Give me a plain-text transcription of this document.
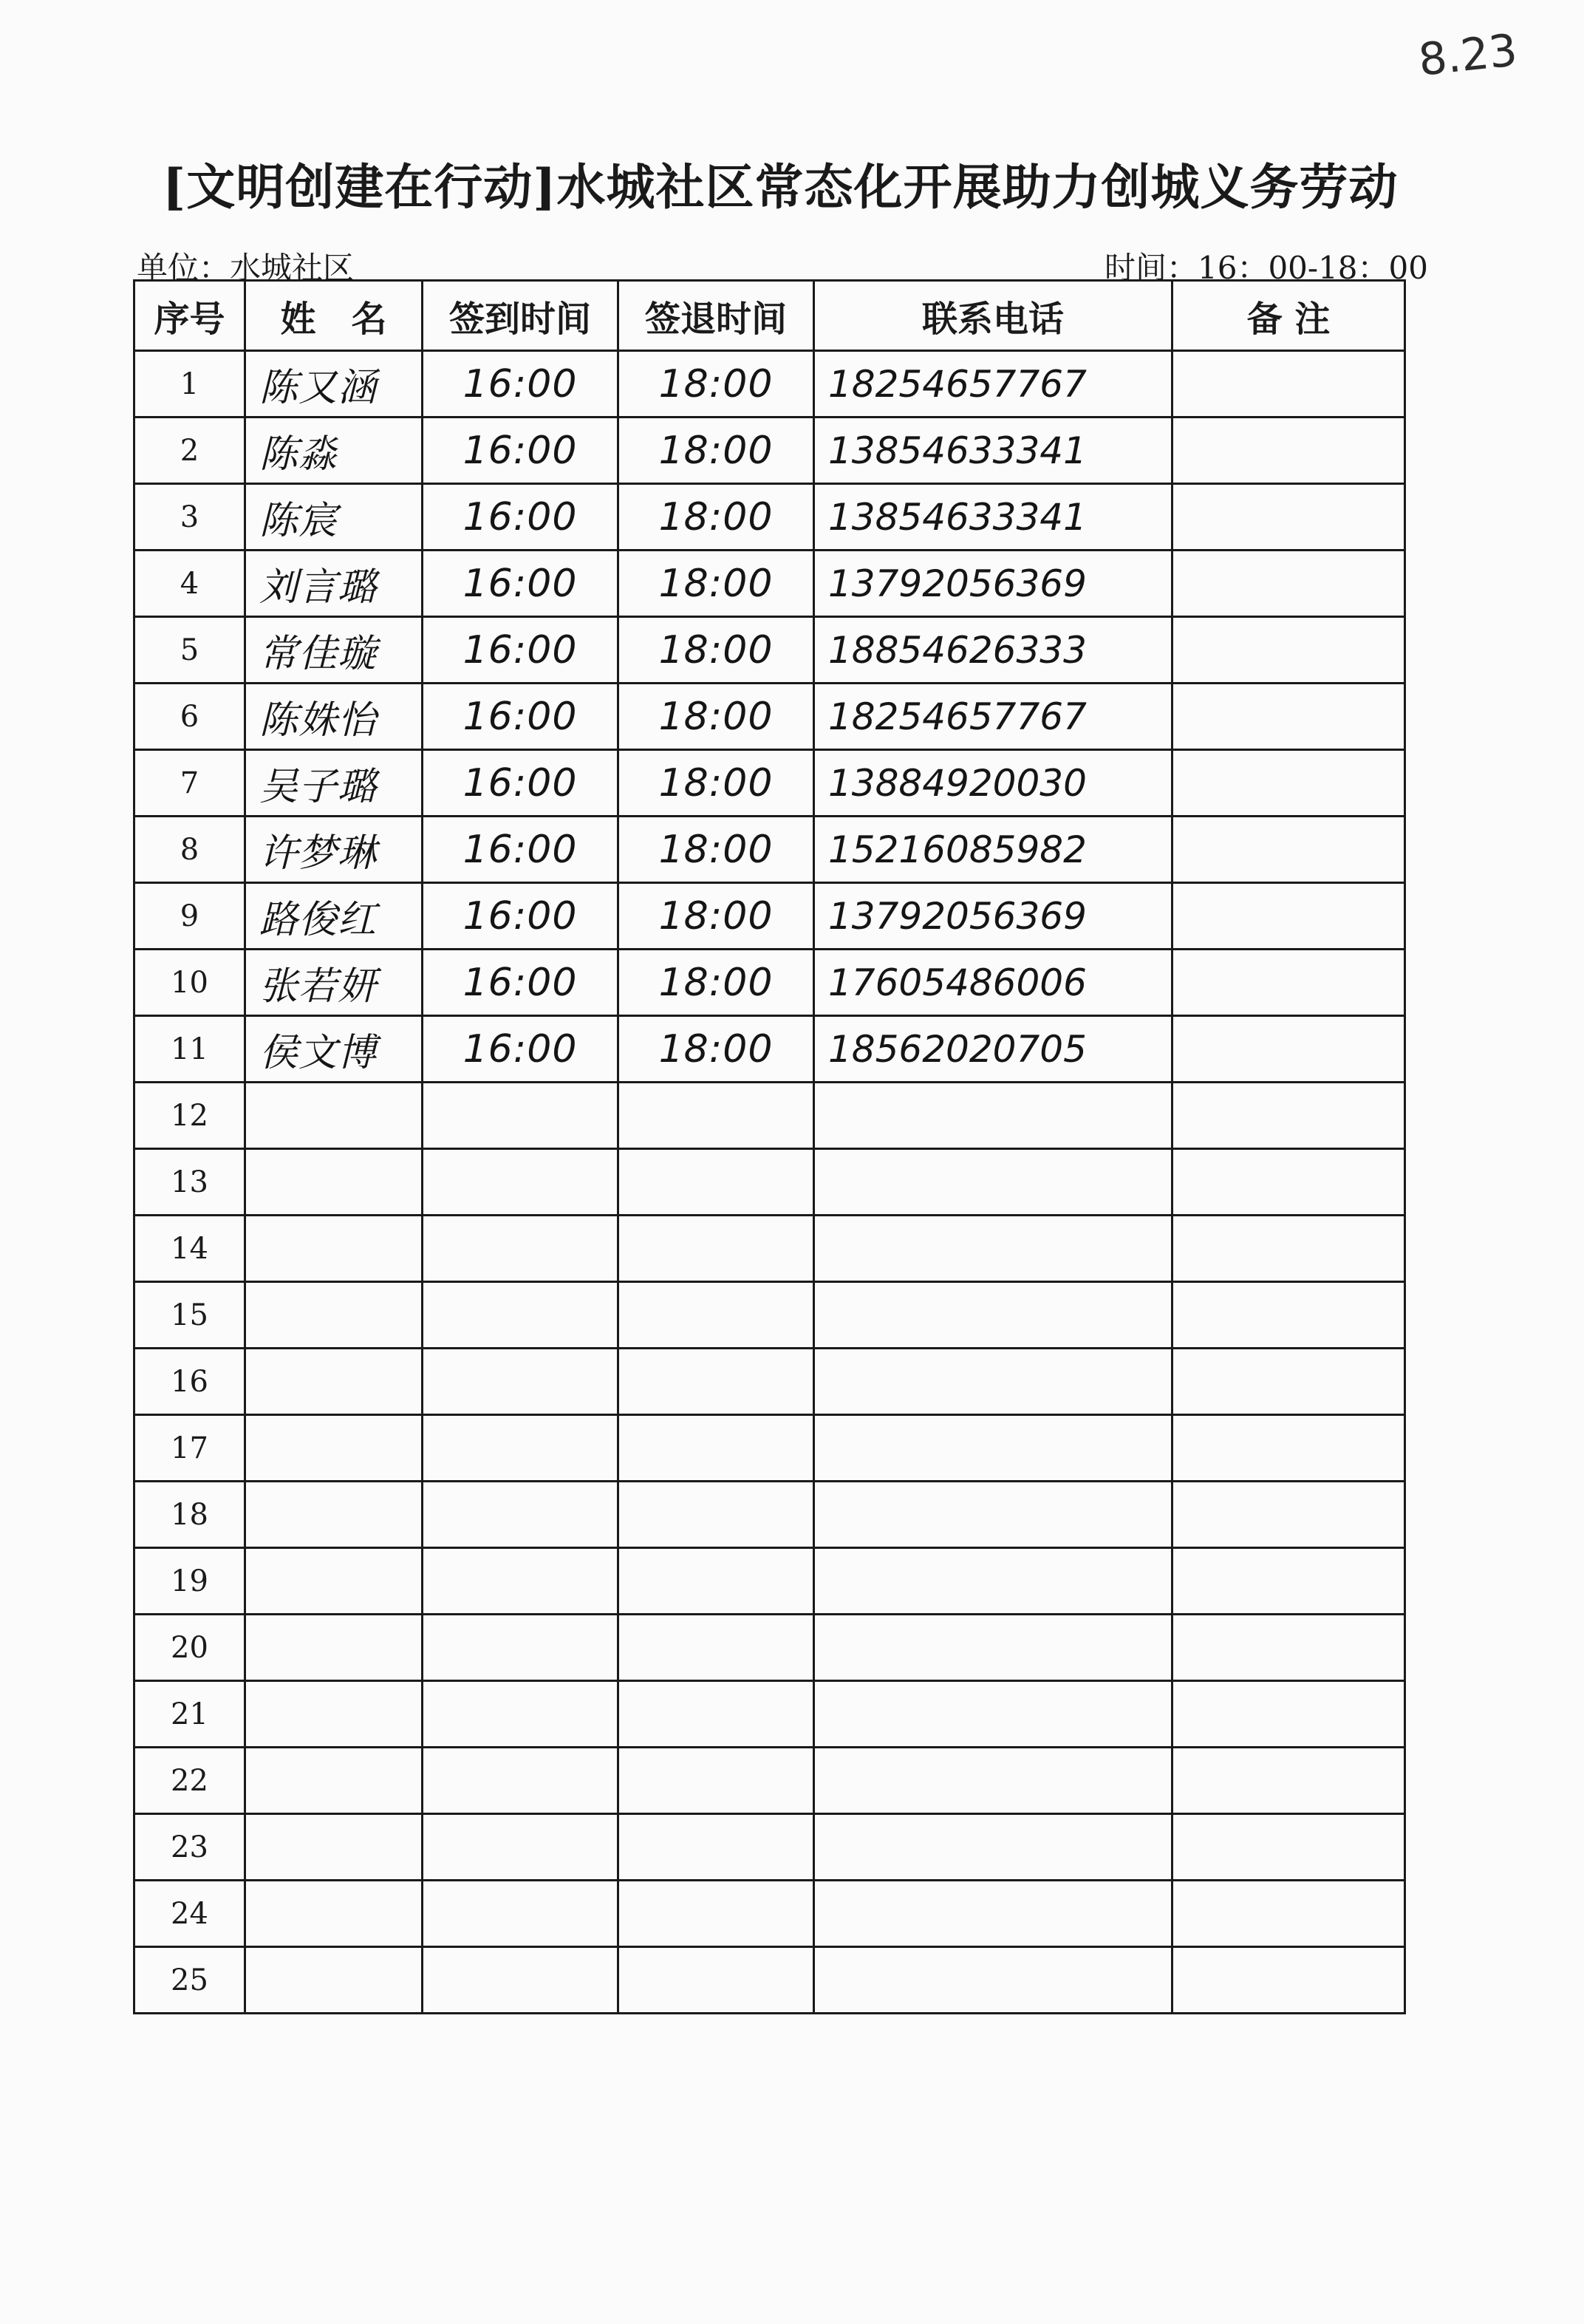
8.23
[文明创建在行动]水城社区常态化开展助力创城义务劳动
单位：水城社区	时间：16：00-18：00
序号	姓　名	签到时间	签退时间	联系电话	备 注
1	陈又涵	16:00	18:00	18254657767	
2	陈淼	16:00	18:00	13854633341	
3	陈宸	16:00	18:00	13854633341	
4	刘言璐	16:00	18:00	13792056369	
5	常佳璇	16:00	18:00	18854626333	
6	陈姝怡	16:00	18:00	18254657767	
7	吴子璐	16:00	18:00	13884920030	
8	许梦琳	16:00	18:00	15216085982	
9	路俊红	16:00	18:00	13792056369	
10	张若妍	16:00	18:00	17605486006	
11	侯文博	16:00	18:00	18562020705	
12					
13					
14					
15					
16					
17					
18					
19					
20					
21					
22					
23					
24					
25					
